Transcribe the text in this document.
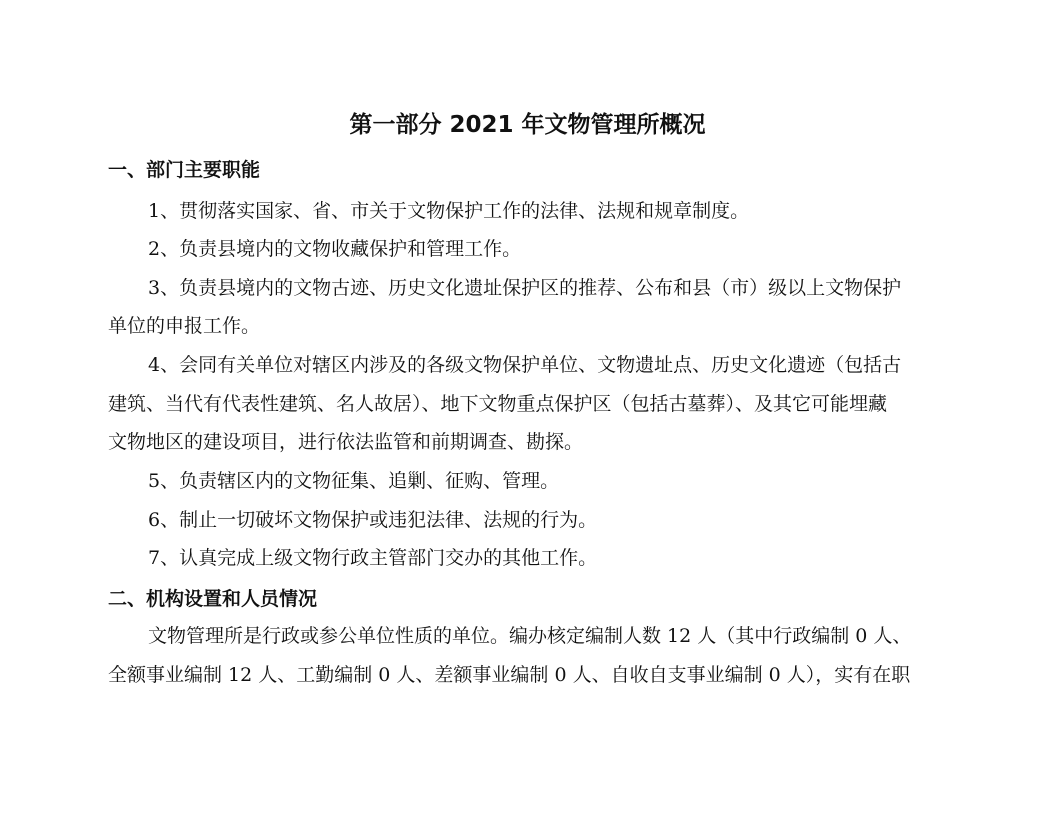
第一部分 2021 年文物管理所概况
一、部门主要职能

1、贯彻落实国家、省、市关于文物保护工作的法律、法规和规章制度。

2、负责县境内的文物收藏保护和管理工作。

3、负责县境内的文物古迹、历史文化遗址保护区的推荐、公布和县（市）级以上文物保护

单位的申报工作。

4、会同有关单位对辖区内涉及的各级文物保护单位、文物遗址点、历史文化遗迹（包括古

建筑、当代有代表性建筑、名人故居）、地下文物重点保护区（包括古墓葬）、及其它可能埋藏

文物地区的建设项目，进行依法监管和前期调查、勘探。

5、负责辖区内的文物征集、追剿、征购、管理。

6、制止一切破坏文物保护或违犯法律、法规的行为。

7、认真完成上级文物行政主管部门交办的其他工作。

二、机构设置和人员情况

文物管理所是行政或参公单位性质的单位。编办核定编制人数 12 人（其中行政编制 0 人、

全额事业编制 12 人、工勤编制 0 人、差额事业编制 0 人、自收自支事业编制 0 人），实有在职
